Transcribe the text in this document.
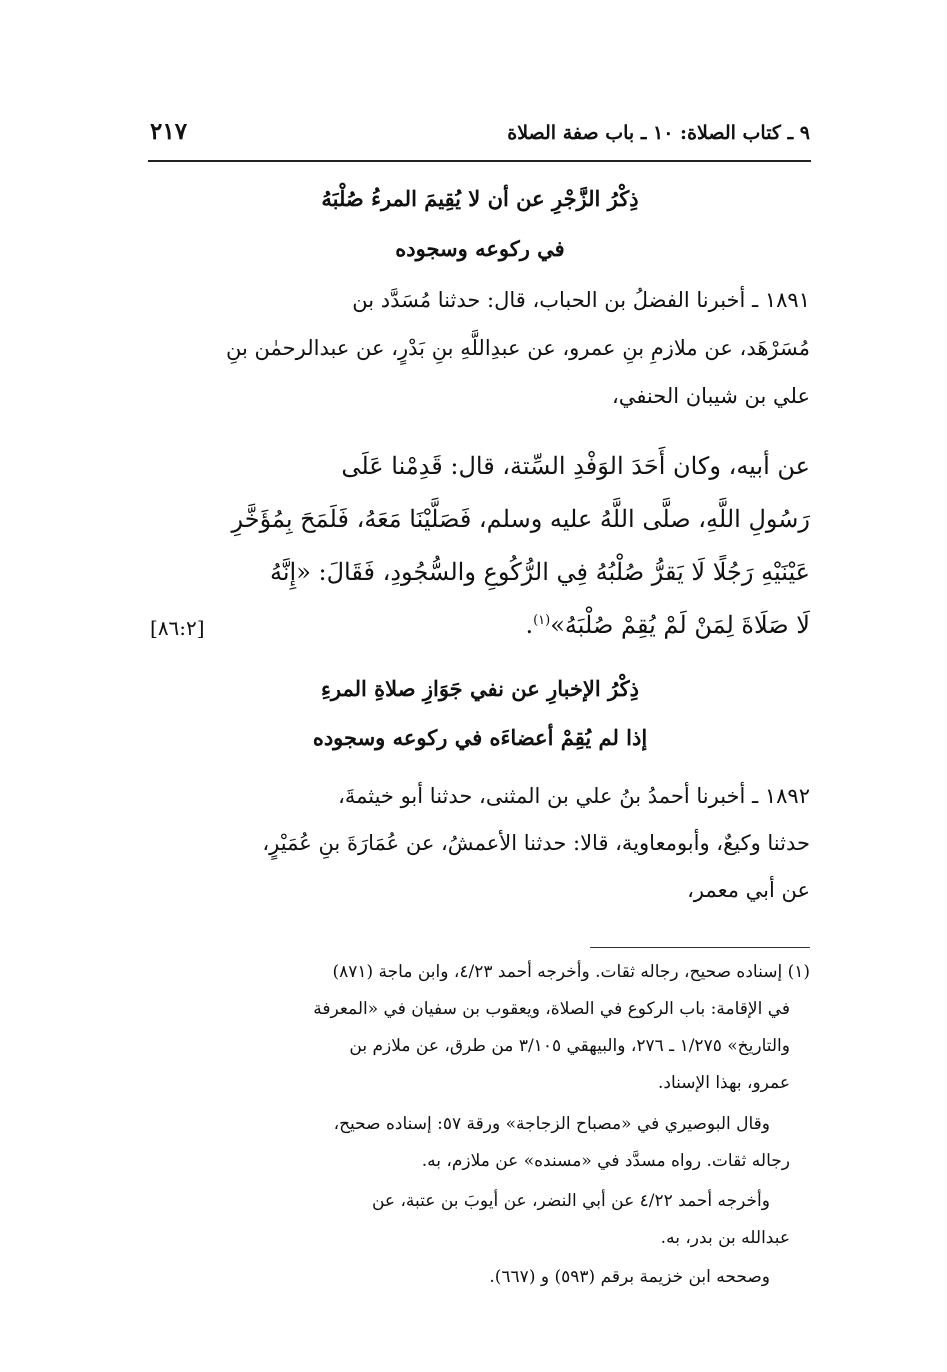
٩ ـ كتاب الصلاة: ١٠ ـ باب صفة الصلاة
٢١٧
ذِكْرُ الزَّجْرِ عن أن لا يُقِيمَ المرءُ صُلْبَهُ
في ركوعه وسجوده
١٨٩١ ـ أخبرنا الفضلُ بن الحباب، قال: حدثنا مُسَدَّد بن
مُسَرْهَد، عن ملازمِ بنِ عمرو، عن عبدِاللَّهِ بنِ بَدْرٍ، عن عبدالرحمٰن بنِ
علي بن شيبان الحنفي،
عن أبيه، وكان أَحَدَ الوَفْدِ السِّتة، قال: قَدِمْنا عَلَى
رَسُولِ اللَّهِ، صلَّى اللَّهُ عليه وسلم، فَصَلَّيْنَا مَعَهُ، فَلَمَحَ بِمُؤَخَّرِ
عَيْنَيْهِ رَجُلًا لَا يَقرُّ صُلْبُهُ فِي الرُّكُوعِ والسُّجُودِ، فَقَالَ: «إِنَّهُ
لَا صَلَاةَ لِمَنْ لَمْ يُقِمْ صُلْبَهُ»$^{(١)}$.
[٨٦:٢]
ذِكْرُ الإخبارِ عن نفي جَوَازِ صلاةِ المرءِ
إذا لم يُقِمْ أعضاءَه في ركوعه وسجوده
١٨٩٢ ـ أخبرنا أحمدُ بنُ علي بن المثنى، حدثنا أبو خيثمةَ،
حدثنا وكيعٌ، وأبومعاوية، قالا: حدثنا الأعمشُ، عن عُمَارَةَ بنِ عُمَيْرٍ،
عن أبي معمر،
(١) إسناده صحيح، رجاله ثقات. وأخرجه أحمد ٤/٢٣، وابن ماجة (٨٧١)
في الإقامة: باب الركوع في الصلاة، ويعقوب بن سفيان في «المعرفة
والتاريخ» ١/٢٧٥ ـ ٢٧٦، والبيهقي ٣/١٠٥ من طرق، عن ملازم بن
عمرو، بهذا الإسناد.
وقال البوصيري في «مصباح الزجاجة» ورقة ٥٧: إسناده صحيح،
رجاله ثقات. رواه مسدَّد في «مسنده» عن ملازم، به.
وأخرجه أحمد ٤/٢٢ عن أبي النضر، عن أيوبَ بن عتبة، عن
عبدالله بن بدر، به.
وصححه ابن خزيمة برقم (٥٩٣) و (٦٦٧).
